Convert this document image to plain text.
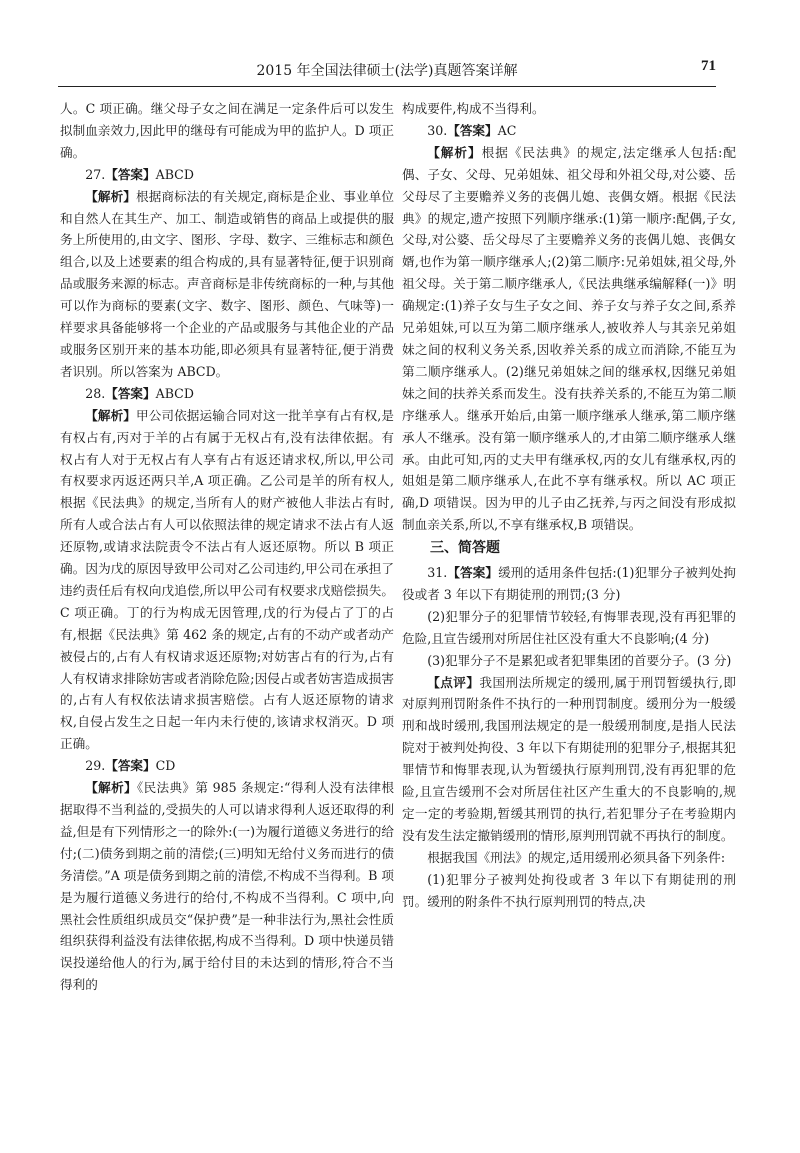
2015 年全国法律硕士(法学)真题答案详解	71

人。C 项正确。继父母子女之间在满足一定条件后可以发生拟制血亲效力,因此甲的继母有可能成为甲的监护人。D 项正确。

27.【答案】ABCD

【解析】根据商标法的有关规定,商标是企业、事业单位和自然人在其生产、加工、制造或销售的商品上或提供的服务上所使用的,由文字、图形、字母、数字、三维标志和颜色组合,以及上述要素的组合构成的,具有显著特征,便于识别商品或服务来源的标志。声音商标是非传统商标的一种,与其他可以作为商标的要素(文字、数字、图形、颜色、气味等)一样要求具备能够将一个企业的产品或服务与其他企业的产品或服务区别开来的基本功能,即必须具有显著特征,便于消费者识别。所以答案为 ABCD。

28.【答案】ABCD

【解析】甲公司依据运输合同对这一批羊享有占有权,是有权占有,丙对于羊的占有属于无权占有,没有法律依据。有权占有人对于无权占有人享有占有返还请求权,所以,甲公司有权要求丙返还两只羊,A 项正确。乙公司是羊的所有权人,根据《民法典》的规定,当所有人的财产被他人非法占有时,所有人或合法占有人可以依照法律的规定请求不法占有人返还原物,或请求法院责令不法占有人返还原物。所以 B 项正确。因为戊的原因导致甲公司对乙公司违约,甲公司在承担了违约责任后有权向戊追偿,所以甲公司有权要求戊赔偿损失。C 项正确。丁的行为构成无因管理,戊的行为侵占了丁的占有,根据《民法典》第 462 条的规定,占有的不动产或者动产被侵占的,占有人有权请求返还原物;对妨害占有的行为,占有人有权请求排除妨害或者消除危险;因侵占或者妨害造成损害的,占有人有权依法请求损害赔偿。占有人返还原物的请求权,自侵占发生之日起一年内未行使的,该请求权消灭。D 项正确。

29.【答案】CD

【解析】《民法典》第 985 条规定:“得利人没有法律根据取得不当利益的,受损失的人可以请求得利人返还取得的利益,但是有下列情形之一的除外:(一)为履行道德义务进行的给付;(二)债务到期之前的清偿;(三)明知无给付义务而进行的债务清偿。”A 项是债务到期之前的清偿,不构成不当得利。B 项是为履行道德义务进行的给付,不构成不当得利。C 项中,向黑社会性质组织成员交“保护费”是一种非法行为,黑社会性质组织获得利益没有法律依据,构成不当得利。D 项中快递员错误投递给他人的行为,属于给付目的未达到的情形,符合不当得利的

构成要件,构成不当得利。

30.【答案】AC

【解析】根据《民法典》的规定,法定继承人包括:配偶、子女、父母、兄弟姐妹、祖父母和外祖父母,对公婆、岳父母尽了主要赡养义务的丧偶儿媳、丧偶女婿。根据《民法典》的规定,遗产按照下列顺序继承:(1)第一顺序:配偶,子女,父母,对公婆、岳父母尽了主要赡养义务的丧偶儿媳、丧偶女婿,也作为第一顺序继承人;(2)第二顺序:兄弟姐妹,祖父母,外祖父母。关于第二顺序继承人,《民法典继承编解释(一)》明确规定:(1)养子女与生子女之间、养子女与养子女之间,系养兄弟姐妹,可以互为第二顺序继承人,被收养人与其亲兄弟姐妹之间的权利义务关系,因收养关系的成立而消除,不能互为第二顺序继承人。(2)继兄弟姐妹之间的继承权,因继兄弟姐妹之间的扶养关系而发生。没有扶养关系的,不能互为第二顺序继承人。继承开始后,由第一顺序继承人继承,第二顺序继承人不继承。没有第一顺序继承人的,才由第二顺序继承人继承。由此可知,丙的丈夫甲有继承权,丙的女儿有继承权,丙的姐姐是第二顺序继承人,在此不享有继承权。所以 AC 项正确,D 项错误。因为甲的儿子由乙抚养,与丙之间没有形成拟制血亲关系,所以,不享有继承权,B 项错误。

三、简答题

31.【答案】缓刑的适用条件包括:(1)犯罪分子被判处拘役或者 3 年以下有期徒刑的刑罚;(3 分)

(2)犯罪分子的犯罪情节较轻,有悔罪表现,没有再犯罪的危险,且宣告缓刑对所居住社区没有重大不良影响;(4 分)

(3)犯罪分子不是累犯或者犯罪集团的首要分子。(3 分)

【点评】我国刑法所规定的缓刑,属于刑罚暂缓执行,即对原判刑罚附条件不执行的一种刑罚制度。缓刑分为一般缓刑和战时缓刑,我国刑法规定的是一般缓刑制度,是指人民法院对于被判处拘役、3 年以下有期徒刑的犯罪分子,根据其犯罪情节和悔罪表现,认为暂缓执行原判刑罚,没有再犯罪的危险,且宣告缓刑不会对所居住社区产生重大的不良影响的,规定一定的考验期,暂缓其刑罚的执行,若犯罪分子在考验期内没有发生法定撤销缓刑的情形,原判刑罚就不再执行的制度。

根据我国《刑法》的规定,适用缓刑必须具备下列条件:

(1)犯罪分子被判处拘役或者 3 年以下有期徒刑的刑罚。缓刑的附条件不执行原判刑罚的特点,决
